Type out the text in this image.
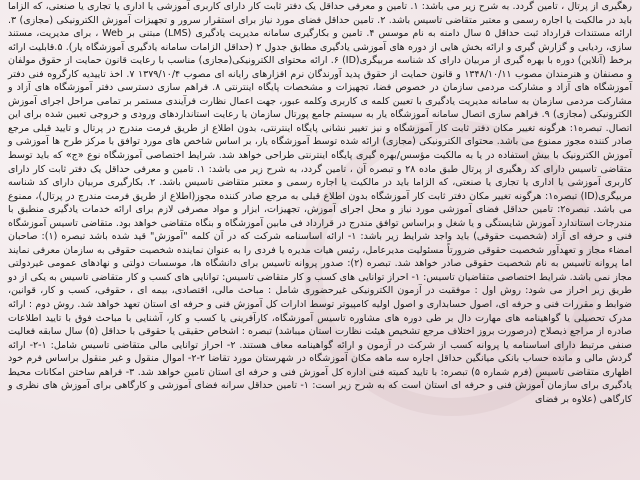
رهگیری از پرتال ، تامین گردد. به شرح زیر می باشد: ۱. تامین و معرفی حداقل یک دفتر ثابت کار دارای کاربری آموزشی یا اداری یا تجاری یا صنعتی، که الزاما باید در مالکیت یا اجاره رسمی و معتبر متقاضی تاسیس باشد. ۲. تامین حداقل فضای مورد نیاز برای استقرار سرور و تجهیزات آموزش الکترونیکی (مجازی) ۳. ارائه مستندات قرارداد ثبت حداقل ۵ سال دامنه به نام موسس ۴. تامین و بکارگیری سامانه مدیریت یادگیری (LMS) مبتنی بر Web ، برای مدیریت، مستند سازی، ردیابی و گزارش گیری و ارائه بخش هایی از دوره های آموزشی یادگیری مطابق جدول ۲ (حداقل الزامات سامانه یادگیری آموزشگاه یار). ۵.قابلیت ارائه برخط (آنلاین) دوره با بهره گیری از مربیان دارای کد شناسه مربیگری(ID) ۶. ارائه محتوای الکترونیکی(مجازی) مناسب با رعایت قانون حمایت از حقوق مولفان و مصنفان و هنرمندان مصوب ۱۳۴۸/۱۰/۱۱ و قانون حمایت از حقوق پدید آورندگان نرم افزارهای رایانه ای مصوب ۱۳۷۹/۱۰/۴ ۷. اخذ تاییدیه کارگروه فنی دفتر آموزشگاه های آزاد و مشارکت مردمی سازمان در خصوص فضا، تجهیزات و مشخصات پایگاه اینترنتی ۸. فراهم سازی دسترسی دفتر آموزشگاه های آزاد و مشارکت مردمی سازمان به سامانه مدیریت یادگیری با تعیین کلمه ی کاربری وکلمه عبور، جهت اعمال نظارت فرآیندی مستمر بر تمامی مراحل اجرای آموزش الکترونیکی (مجازی) ۹. فراهم سازی اتصال سامانه آموزشگاه یار به سیستم جامع پورتال سازمان یا رعایت استانداردهای ورودی و خروجی تعیین شده برای این اتصال. تبصره۱: هرگونه تغییر مکان دفتر ثابت کار آموزشگاه و نیز تغییر نشانی پایگاه اینترنتی، بدون اطلاع از طریق فرمت مندرج در پرتال و تایید قبلی مرجع صادر کننده مجوز ممنوع می باشد. محتوای الکترونیکی (مجازی) ارائه شده توسط آموزشگاه یار، بر اساس شاخص های مورد توافق با مرکز طرح ها آموزشی و آموزش الکترونیک با بیش استفاده در یا به مالکیت مؤسس/بهره گیری پایگاه اینترنتی طراحی خواهد شد. شرایط اختصاصی آموزشگاه نوع «ج» که باید توسط متقاضی تاسیس دارای کد رهگیری از پرتال طبق ماده ۲۸ و تبصره آن ، تامین گردد، به شرح زیر می باشد: ۱. تامین و معرفی حداقل یک دفتر ثابت کار دارای کاربری آموزشی یا اداری یا تجاری یا صنعتی، که الزاما باید در مالکیت یا اجاره رسمی و معتبر متقاضی تاسیس باشد. ۲. بکارگیری مربیان دارای کد شناسه مربیگری(ID) تبصره۱: هرگونه تغییر مکان دفتر ثابت کار آموزشگاه بدون اطلاع قبلی به مرجع صادر کننده مجوز(اطلاع از طریق فرمت مندرج در پرتال)، ممنوع می باشد. تبصره۲: تامین حداقل فضای آموزشی مورد نیاز و محل اجرای آموزش، تجهیزات، ابزار و مواد مصرفی لازم برای ارائه خدمات یادگیری منطبق با مندرجات استاندارد آموزش شایستگی و یا شغل و براساس توافق مندرج در قرارداد فی مابین آموزشگاه و بنگاه متقاضی خواهد بود. متقاضی تاسیس آموزشگاه فنی و حرفه ای آزاد (شخصیت حقوقی) باید واجد شرایط زیر باشد: ۱- ارائه اساسنامه شرکت که در آن کلمه "آموزش" قید شده باشد تبصره (۱): صاحبان امضاء مجاز و تعهدآور شخصیت حقوقی ضرورتاً مسئولیت مدیرعامل، رئیس هیات مدیره یا فردی را به عنوان نماینده شخصیت حقوقی به سازمان معرفی نمایند اما پروانه تاسیس به نام شخصیت حقوقی صادر خواهد شد. تبصره (۲): صدور پروانه تاسیس برای دانشگاه ها، موسسات دولتی و نهادهای عمومی غیردولتی مجاز نمی باشد. شرایط اختصاصی متقاضیان تاسیس: ۱- احراز توانایی های کسب و کار متقاضی تاسیس: توانایی های کسب و کار متقاضی تاسیس به یکی از دو طریق زیر احراز می شود: روش اول : موفقیت در آزمون الکترونیکی غیرحضوری شامل : مباحث مالی، اقتصادی، بیمه ای ، حقوقی، کسب و کار، قوانین، ضوابط و مقررات فنی و حرفه ای، اصول حسابداری و اصول اولیه کامپیوتر توسط ادارات کل آموزش فنی و حرفه ای استان تعهد خواهد شد. روش دوم : ارائه مدرک تحصیلی یا گواهینامه های مهارت دال بر طی دوره های مشاوره تاسیس آموزشگاه، کارآفرینی یا کسب و کار، آشنایی با مباحث فوق با تایید اطلاعات صادره از مراجع ذیصلاح (درصورت بروز اختلاف مرجع تشخیص هیئت نظارت استان میباشد) تبصره : اشخاص حقیقی یا حقوقی با حداقل (۵) سال سابقه فعالیت صنفی مرتبط دارای اساسنامه یا پروانه کسب از شرکت در آزمون و ارائه گواهینامه معاف هستند. ۲- احراز توانایی مالی متقاضی تاسیس شامل: ۱-۲- ارائه گردش مالی و مانده حساب بانکی میانگین حداقل اجاره سه ماهه مکان آموزشگاه در شهرستان مورد تقاضا ۲-۲- اموال منقول و غیر منقول براساس فرم خود اظهاری متقاضی تاسیس (فرم شماره ۵) تبصره: با تایید کمیته فنی اداره کل آموزش فنی و حرفه ای استان تامین خواهد شد. ۳- فراهم ساختن امکانات محیط یادگیری برای سازمان آموزش فنی و حرفه ای استان است که به شرح زیر است: ۱- تامین حداقل سرانه فضای آموزشی و کارگاهی برای آموزش های نظری و کارگاهی (علاوه بر فضای
